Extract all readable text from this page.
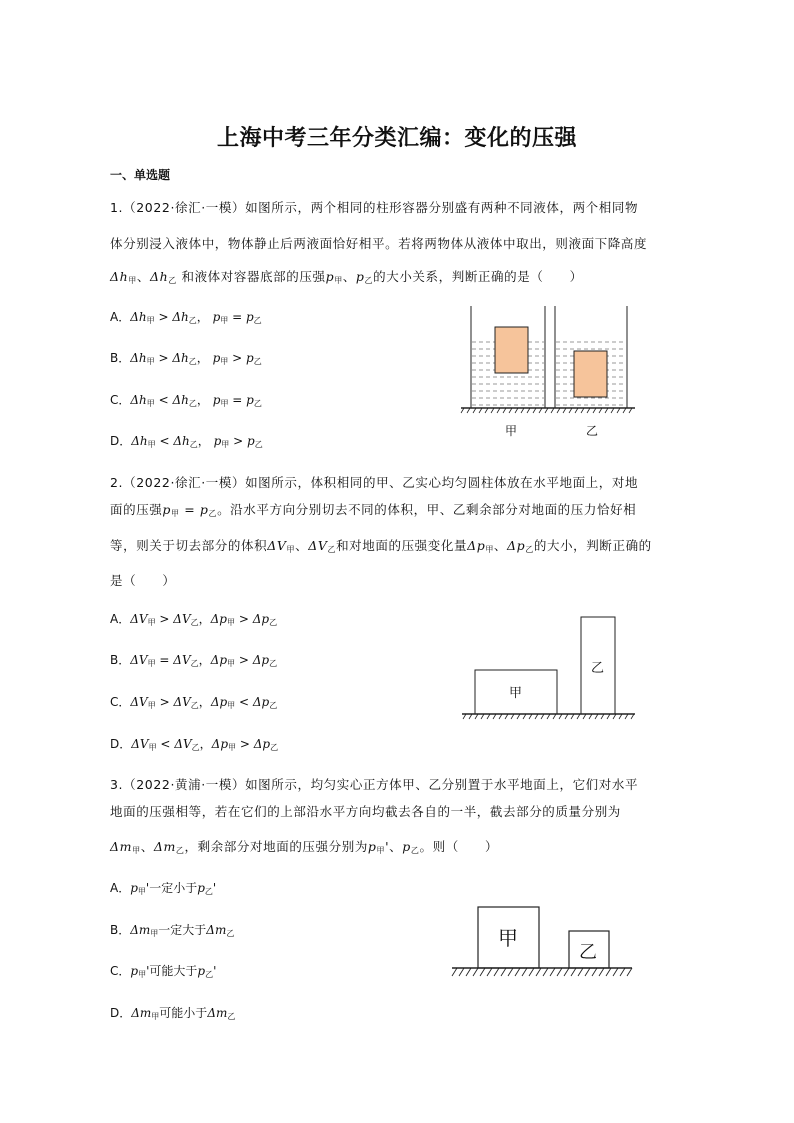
上海中考三年分类汇编：变化的压强
一、单选题
1.（2022·徐汇·一模）如图所示，两个相同的柱形容器分别盛有两种不同液体，两个相同物
体分别浸入液体中，物体静止后两液面恰好相平。若将两物体从液体中取出，则液面下降高度
$\Delta h_甲$、$\Delta h_乙$ 和液体对容器底部的压强$p_甲$、$p_乙$的大小关系，判断正确的是（　　）
A．$\Delta h_甲 > \Delta h_乙$， $p_甲 = p_乙$
B．$\Delta h_甲 > \Delta h_乙$， $p_甲 > p_乙$
C．$\Delta h_甲 < \Delta h_乙$， $p_甲 = p_乙$
D．$\Delta h_甲 < \Delta h_乙$， $p_甲 > p_乙$
甲	乙
2.（2022·徐汇·一模）如图所示，体积相同的甲、乙实心均匀圆柱体放在水平地面上，对地
面的压强$p_甲 = p_乙$。沿水平方向分别切去不同的体积，甲、乙剩余部分对地面的压力恰好相
等，则关于切去部分的体积$\Delta V_甲$、$\Delta V_乙$和对地面的压强变化量$\Delta p_甲$、$\Delta p_乙$的大小，判断正确的
是（　　）
A．$\Delta V_甲 > \Delta V_乙$，$\Delta p_甲 > \Delta p_乙$
B．$\Delta V_甲 = \Delta V_乙$，$\Delta p_甲 > \Delta p_乙$
C．$\Delta V_甲 > \Delta V_乙$，$\Delta p_甲 < \Delta p_乙$
D．$\Delta V_甲 < \Delta V_乙$，$\Delta p_甲 > \Delta p_乙$
甲
乙
3.（2022·黄浦·一模）如图所示，均匀实心正方体甲、乙分别置于水平地面上，它们对水平
地面的压强相等，若在它们的上部沿水平方向均截去各自的一半，截去部分的质量分别为
$\Delta m_甲$、$\Delta m_乙$，剩余部分对地面的压强分别为$p_甲'$、$p_乙$。则（　　）
A．$p_甲'$一定小于$p_乙'$
B．$\Delta m_甲$一定大于$\Delta m_乙$
C．$p_甲'$可能大于$p_乙'$
D．$\Delta m_甲$可能小于$\Delta m_乙$
甲
乙
